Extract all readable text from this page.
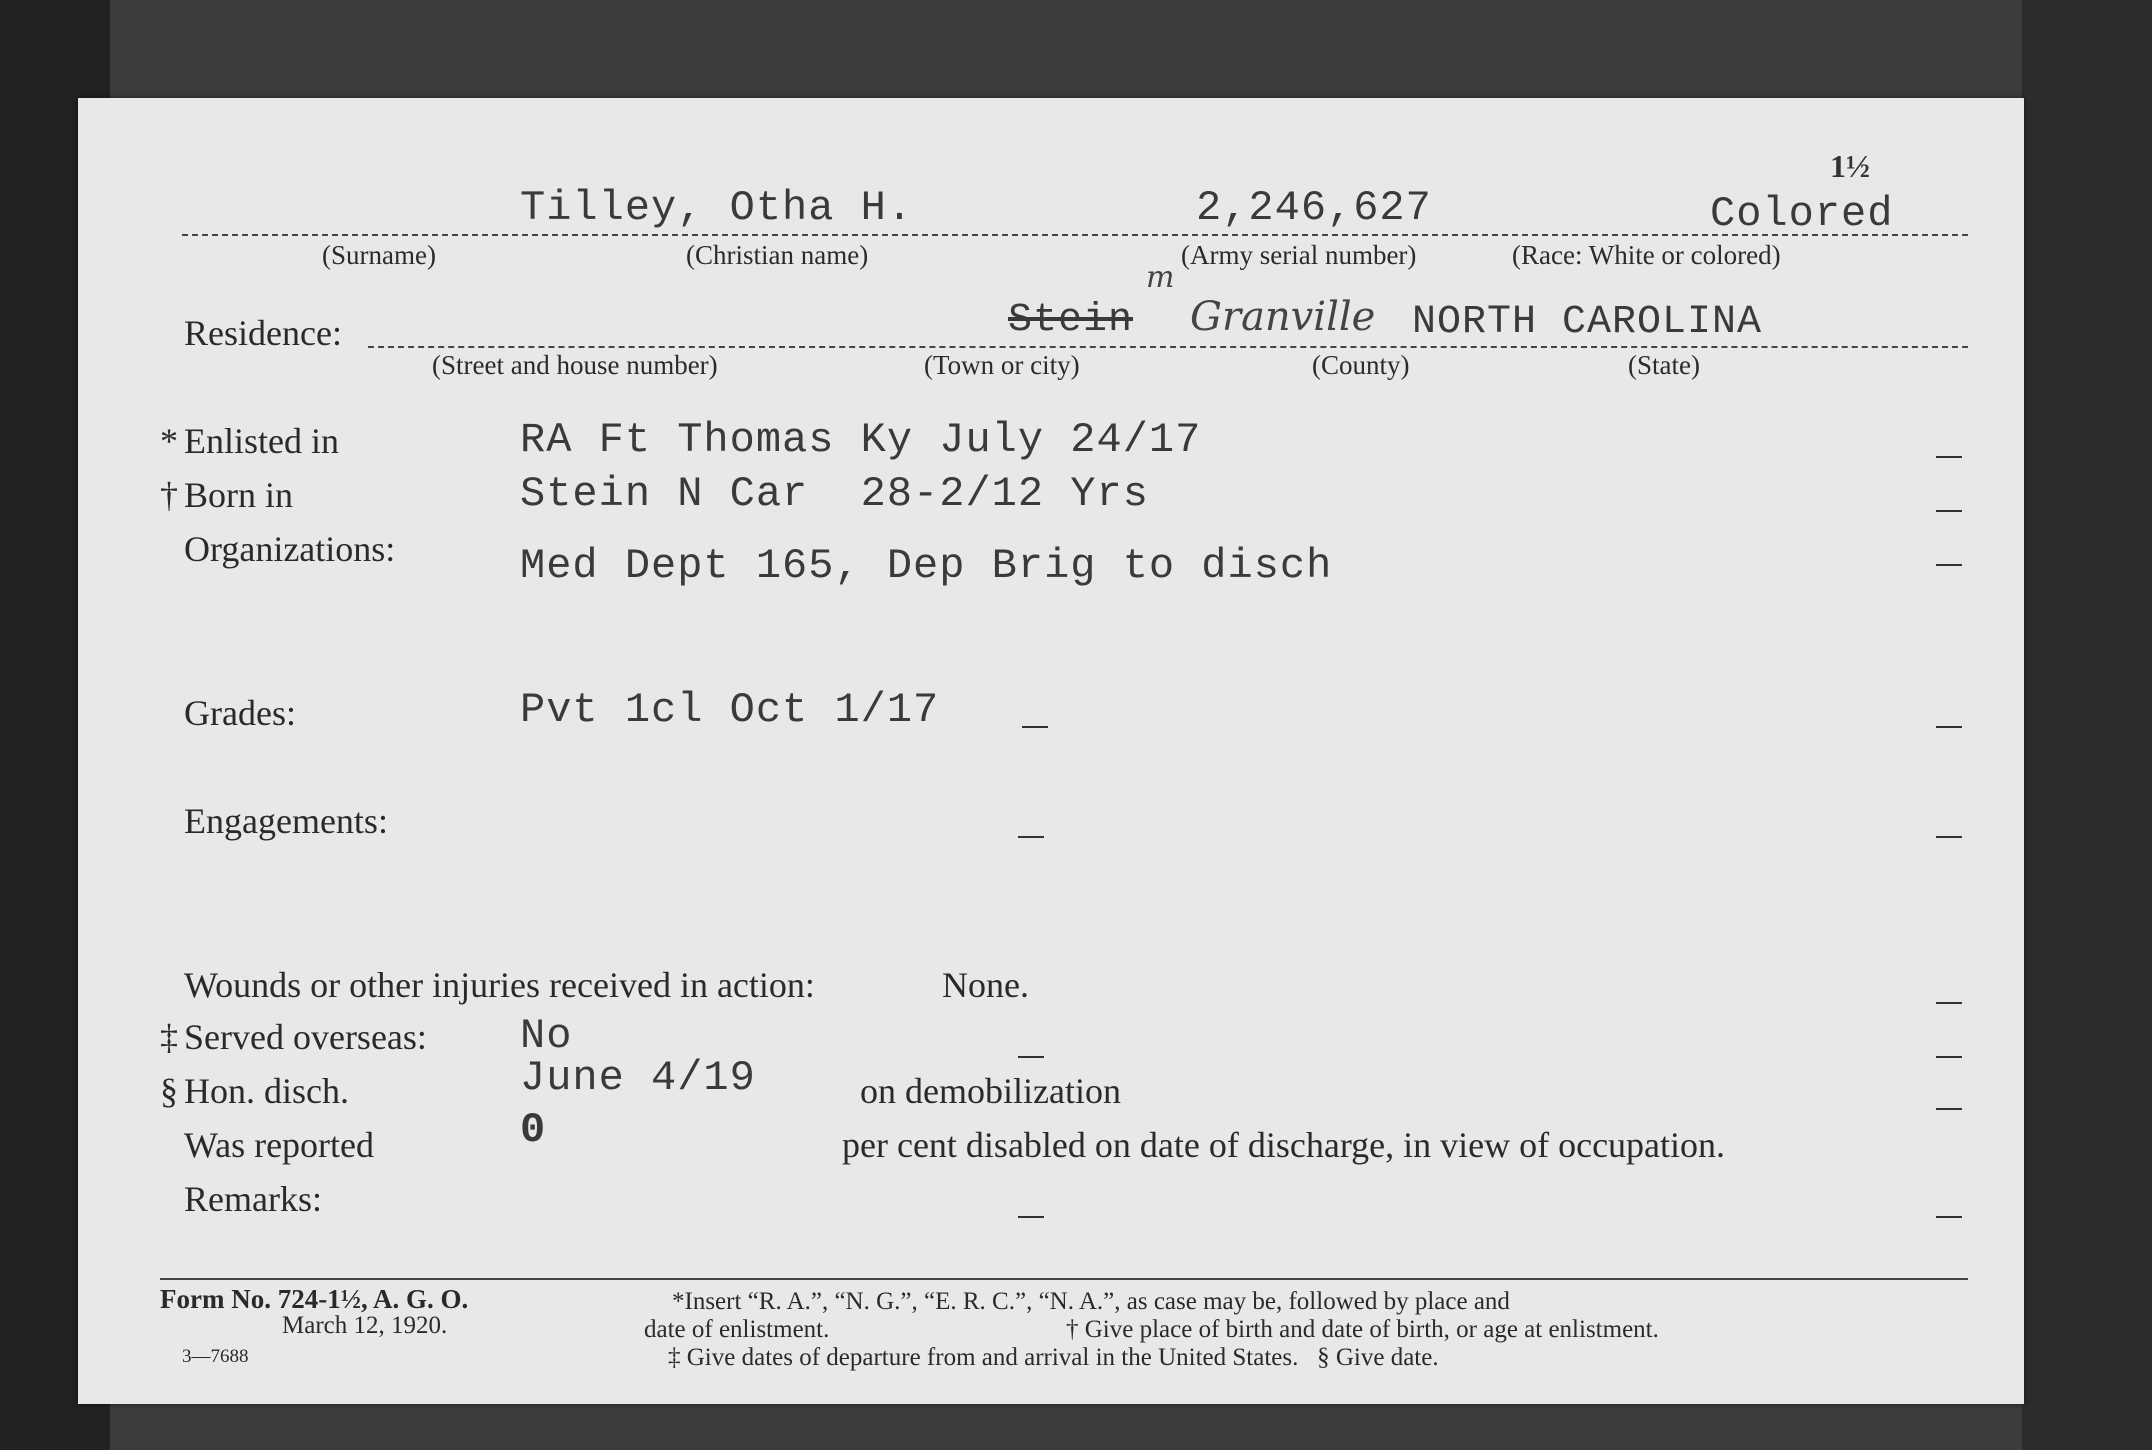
1½
Tilley, Otha H.	2,246,627	Colored
(Surname)	(Christian name)	(Army serial number)	(Race: White or colored)
Residence:	Stein
m
Granville NORTH CAROLINA
(Street and house number)	(Town or city)	(County)	(State)
* Enlisted in	RA Ft Thomas Ky July 24/17
† Born in	Stein N Car  28-2/12 Yrs
Organizations:	Med Dept 165, Dep Brig to disch
Grades:	Pvt 1cl Oct 1/17
Engagements:
Wounds or other injuries received in action:	None.
‡ Served overseas: No
§ Hon. disch.	June 4/19	on demobilization
Was reported	0	per cent disabled on date of discharge, in view of occupation.
Remarks:
Form No. 724-1½, A. G. O.
March 12, 1920.
3—7688
*Insert “R. A.”, “N. G.”, “E. R. C.”, “N. A.”, as case may be, followed by place and
date of enlistment.	† Give place of birth and date of birth, or age at enlistment.
‡ Give dates of departure from and arrival in the United States.   § Give date.
